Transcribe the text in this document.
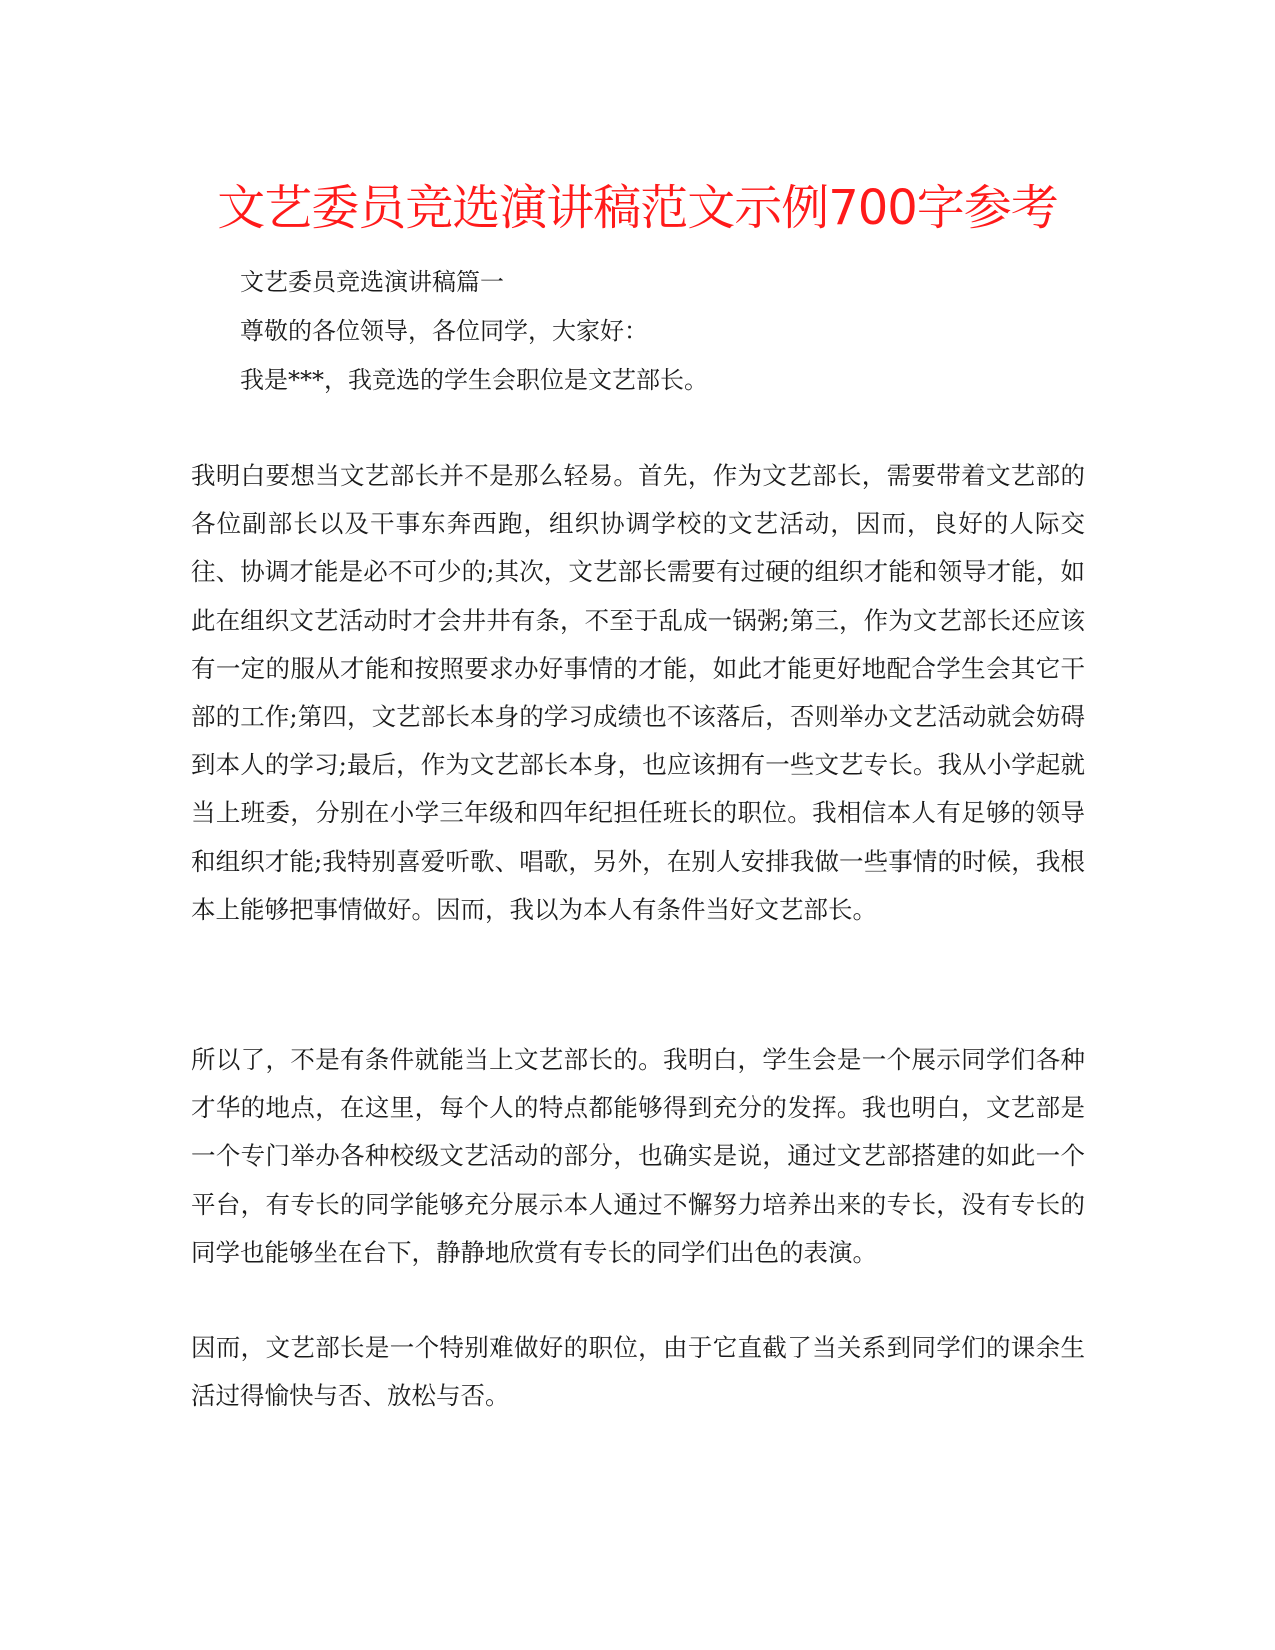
文艺委员竞选演讲稿范文示例700字参考

文艺委员竞选演讲稿篇一

尊敬的各位领导，各位同学，大家好：

我是***，我竞选的学生会职位是文艺部长。

我明白要想当文艺部长并不是那么轻易。首先，作为文艺部长，需要带着文艺部的各位副部长以及干事东奔西跑，组织协调学校的文艺活动，因而，良好的人际交往、协调才能是必不可少的;其次，文艺部长需要有过硬的组织才能和领导才能，如此在组织文艺活动时才会井井有条，不至于乱成一锅粥;第三，作为文艺部长还应该有一定的服从才能和按照要求办好事情的才能，如此才能更好地配合学生会其它干部的工作;第四，文艺部长本身的学习成绩也不该落后，否则举办文艺活动就会妨碍到本人的学习;最后，作为文艺部长本身，也应该拥有一些文艺专长。我从小学起就当上班委，分别在小学三年级和四年纪担任班长的职位。我相信本人有足够的领导和组织才能;我特别喜爱听歌、唱歌，另外，在别人安排我做一些事情的时候，我根本上能够把事情做好。因而，我以为本人有条件当好文艺部长。

所以了，不是有条件就能当上文艺部长的。我明白，学生会是一个展示同学们各种才华的地点，在这里，每个人的特点都能够得到充分的发挥。我也明白，文艺部是一个专门举办各种校级文艺活动的部分，也确实是说，通过文艺部搭建的如此一个平台，有专长的同学能够充分展示本人通过不懈努力培养出来的专长，没有专长的同学也能够坐在台下，静静地欣赏有专长的同学们出色的表演。

因而，文艺部长是一个特别难做好的职位，由于它直截了当关系到同学们的课余生活过得愉快与否、放松与否。
